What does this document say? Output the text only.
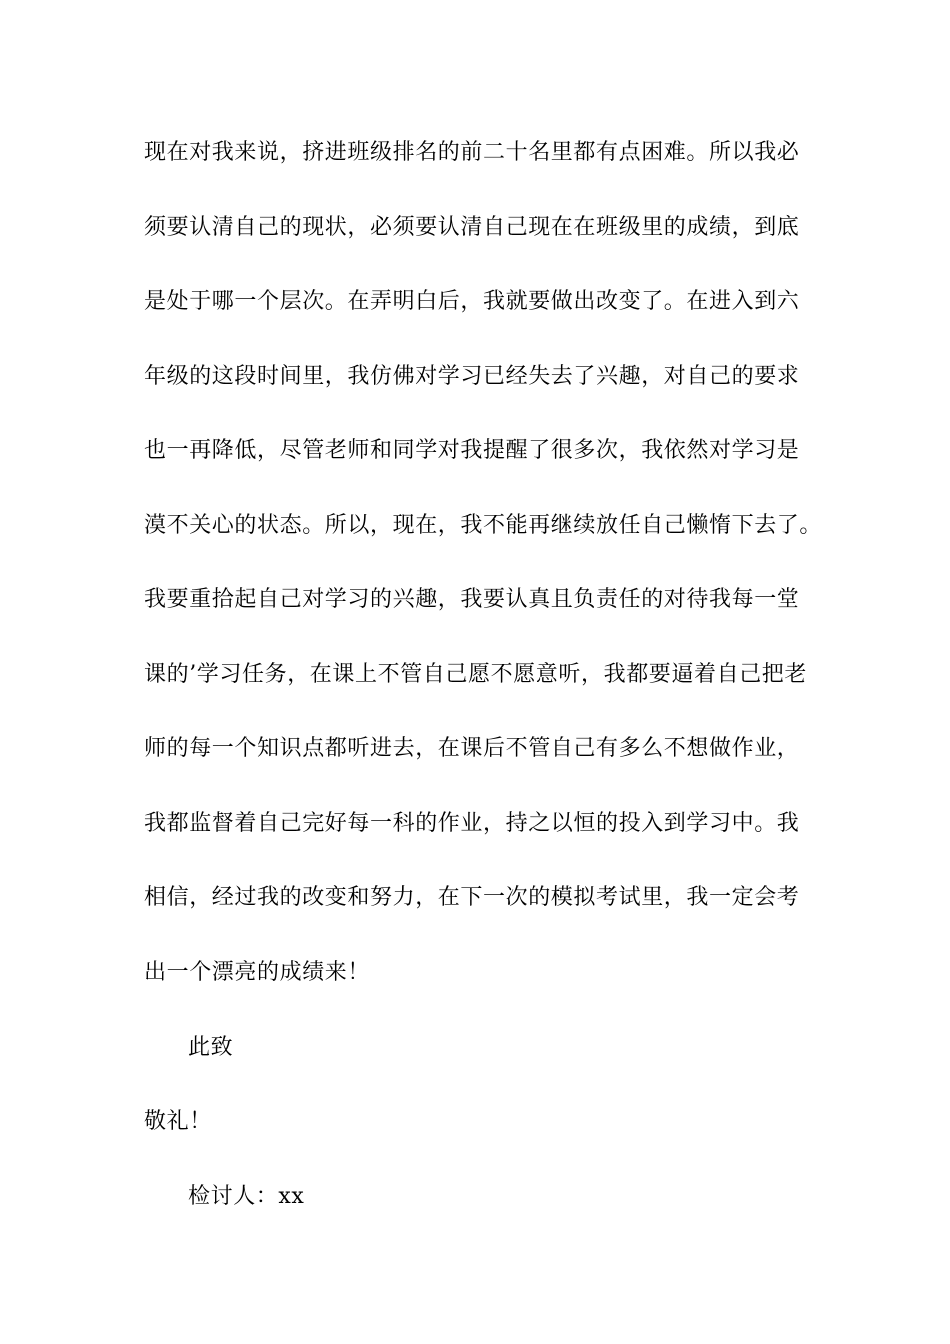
现在对我来说，挤进班级排名的前二十名里都有点困难。所以我必
须要认清自己的现状，必须要认清自己现在在班级里的成绩，到底
是处于哪一个层次。在弄明白后，我就要做出改变了。在进入到六
年级的这段时间里，我仿佛对学习已经失去了兴趣，对自己的要求
也一再降低，尽管老师和同学对我提醒了很多次，我依然对学习是
漠不关心的状态。所以，现在，我不能再继续放任自己懒惰下去了。
我要重拾起自己对学习的兴趣，我要认真且负责任的对待我每一堂
课的’学习任务，在课上不管自己愿不愿意听，我都要逼着自己把老
师的每一个知识点都听进去，在课后不管自己有多么不想做作业，
我都监督着自己完好每一科的作业，持之以恒的投入到学习中。我
相信，经过我的改变和努力，在下一次的模拟考试里，我一定会考
出一个漂亮的成绩来！
此致
敬礼！
检讨人：xx
